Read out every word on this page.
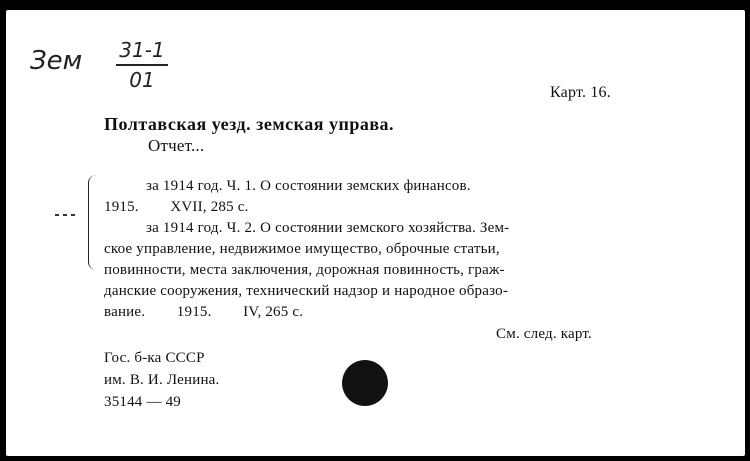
Зем 31-1
01
Карт. 16.
Полтавская уезд. земская управа.
Отчет...
за 1914 год. Ч. 1. О состоянии земских финансов.
1915.        XVII, 285 с.
за 1914 год. Ч. 2. О состоянии земского хозяйства. Зем-
ское управление, недвижимое имущество, оброчные статьи,
повинности, места заключения, дорожная повинность, граж-
данские сооружения, технический надзор и народное образо-
вание.        1915.        IV, 265 с.
См. след. карт.
Гос. б-ка СССР
им. В. И. Ленина.
35144 — 49
